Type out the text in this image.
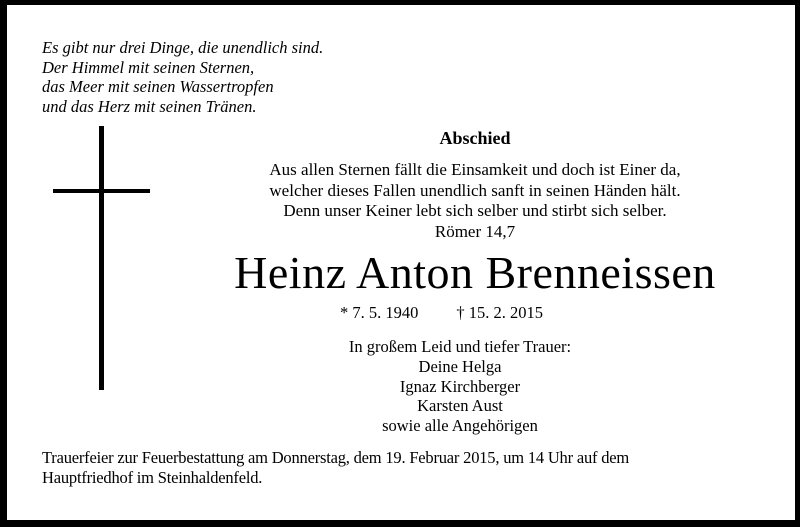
Es gibt nur drei Dinge, die unendlich sind.
Der Himmel mit seinen Sternen,
das Meer mit seinen Wassertropfen
und das Herz mit seinen Tränen.
Abschied
Aus allen Sternen fällt die Einsamkeit und doch ist Einer da,
welcher dieses Fallen unendlich sanft in seinen Händen hält.
Denn unser Keiner lebt sich selber und stirbt sich selber.
Römer 14,7
Heinz Anton Brenneissen
* 7. 5. 1940 † 15. 2. 2015
In großem Leid und tiefer Trauer:
Deine Helga
Ignaz Kirchberger
Karsten Aust
sowie alle Angehörigen
Trauerfeier zur Feuerbestattung am Donnerstag, dem 19. Februar 2015, um 14 Uhr auf dem
Hauptfriedhof im Steinhaldenfeld.
